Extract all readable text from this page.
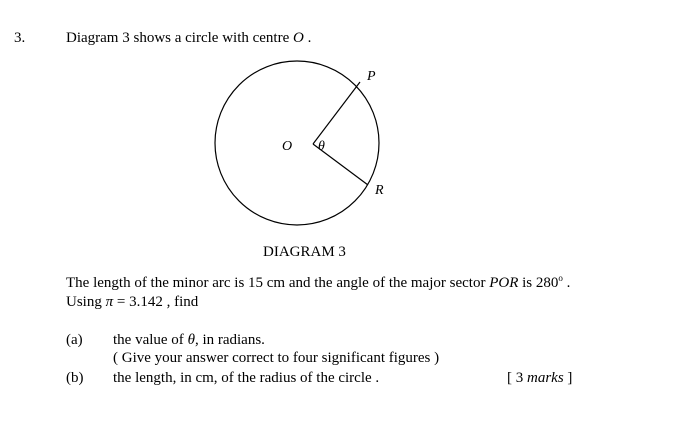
3.	Diagram 3 shows a circle with centre O .
O θ
P
R
DIAGRAM 3
The length of the minor arc is 15 cm and the angle of the major sector POR is 280$^o$ .
Using π = 3.142 , find
(a) the value of θ, in radians.
( Give your answer correct to four significant figures )
(b) the length, in cm, of the radius of the circle .	[ 3 marks ]
